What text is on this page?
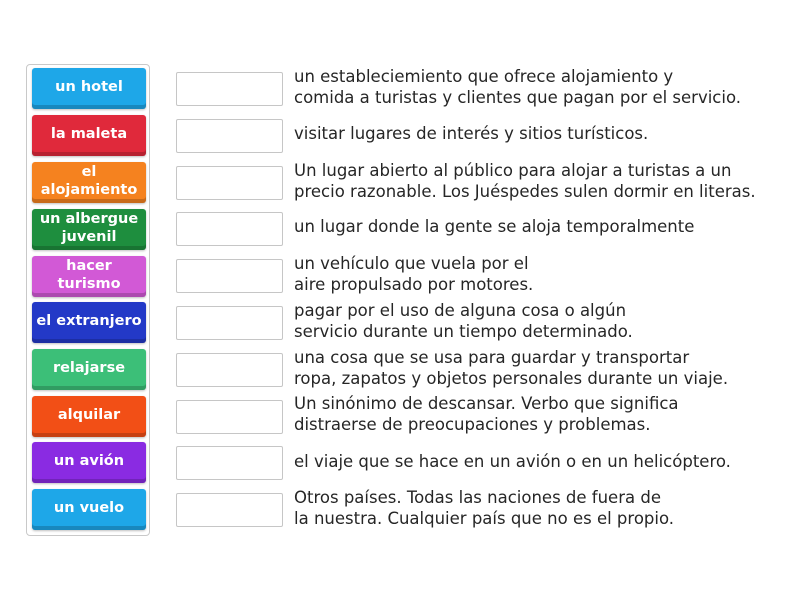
un hotel
la maleta
el alojamiento
un albergue juvenil
hacer turismo
el extranjero
relajarse
alquilar
un avión
un vuelo
un estableciemiento que ofrece alojamiento y
comida a turistas y clientes que pagan por el servicio.
visitar lugares de interés y sitios turísticos.
Un lugar abierto al público para alojar a turistas a un
precio razonable. Los Juéspedes sulen dormir en literas.
un lugar donde la gente se aloja temporalmente
un vehículo que vuela por el
aire propulsado por motores.
pagar por el uso de alguna cosa o algún
servicio durante un tiempo determinado.
una cosa que se usa para guardar y transportar
ropa, zapatos y objetos personales durante un viaje.
Un sinónimo de descansar. Verbo que significa
distraerse de preocupaciones y problemas.
el viaje que se hace en un avión o en un helicóptero.
Otros países. Todas las naciones de fuera de
la nuestra. Cualquier país que no es el propio.
